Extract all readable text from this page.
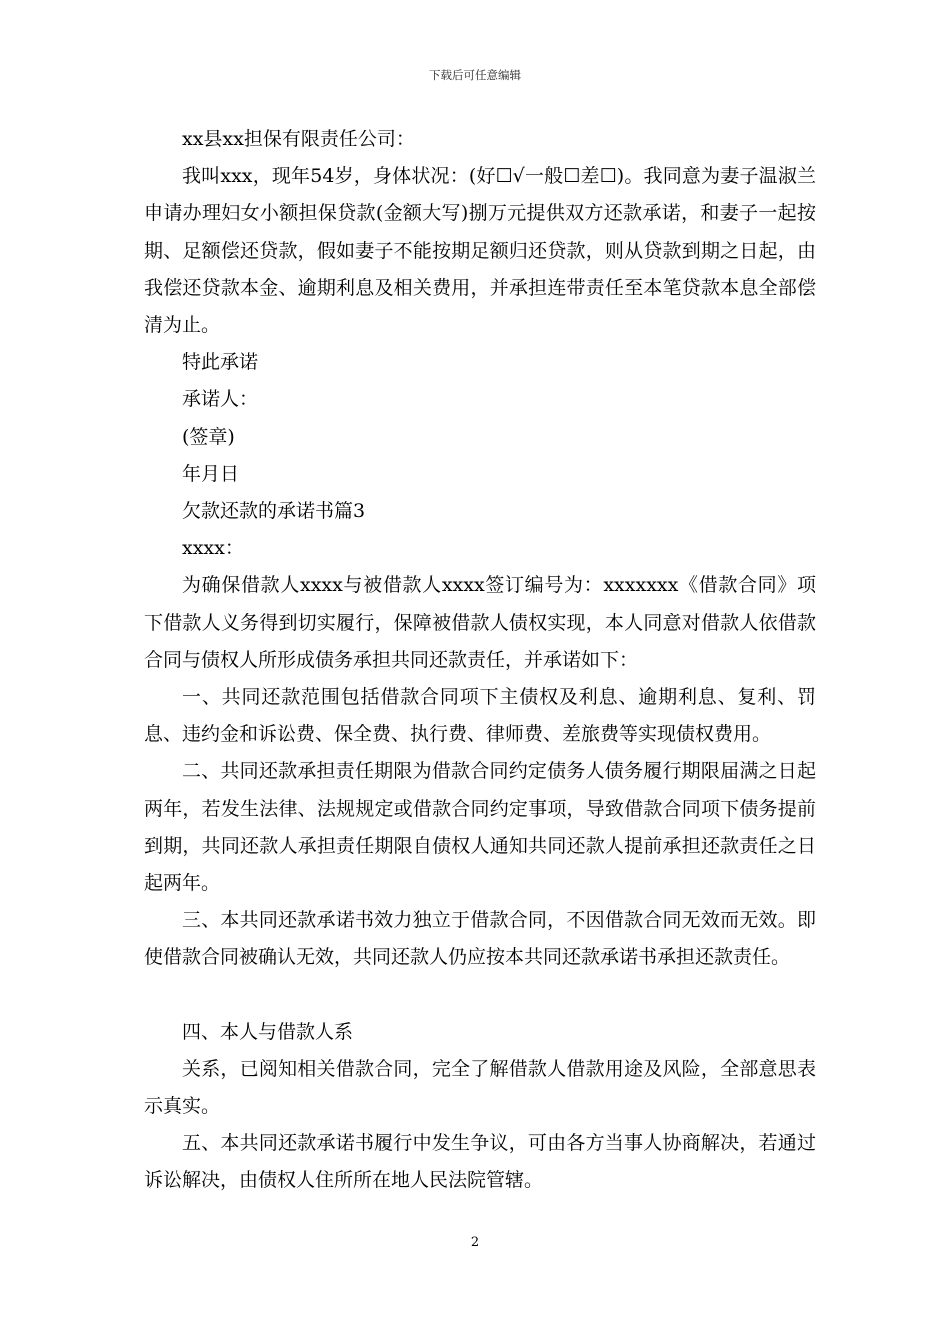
下载后可任意编辑

xx县xx担保有限责任公司：

我叫xxx，现年54岁，身体状况：(好☐√一般☐差☐)。我同意为妻子温淑兰申请办理妇女小额担保贷款(金额大写)捌万元提供双方还款承诺，和妻子一起按期、足额偿还贷款，假如妻子不能按期足额归还贷款，则从贷款到期之日起，由我偿还贷款本金、逾期利息及相关费用，并承担连带责任至本笔贷款本息全部偿清为止。

特此承诺

承诺人：

(签章)

年月日

欠款还款的承诺书篇3

xxxx：

为确保借款人xxxx与被借款人xxxx签订编号为：xxxxxxx《借款合同》项下借款人义务得到切实履行，保障被借款人债权实现，本人同意对借款人依借款合同与债权人所形成债务承担共同还款责任，并承诺如下：

一、共同还款范围包括借款合同项下主债权及利息、逾期利息、复利、罚息、违约金和诉讼费、保全费、执行费、律师费、差旅费等实现债权费用。

二、共同还款承担责任期限为借款合同约定债务人债务履行期限届满之日起两年，若发生法律、法规规定或借款合同约定事项，导致借款合同项下债务提前到期，共同还款人承担责任期限自债权人通知共同还款人提前承担还款责任之日起两年。

三、本共同还款承诺书效力独立于借款合同，不因借款合同无效而无效。即使借款合同被确认无效，共同还款人仍应按本共同还款承诺书承担还款责任。

四、本人与借款人系

关系，已阅知相关借款合同，完全了解借款人借款用途及风险，全部意思表示真实。

五、本共同还款承诺书履行中发生争议，可由各方当事人协商解决，若通过诉讼解决，由债权人住所所在地人民法院管辖。

2
